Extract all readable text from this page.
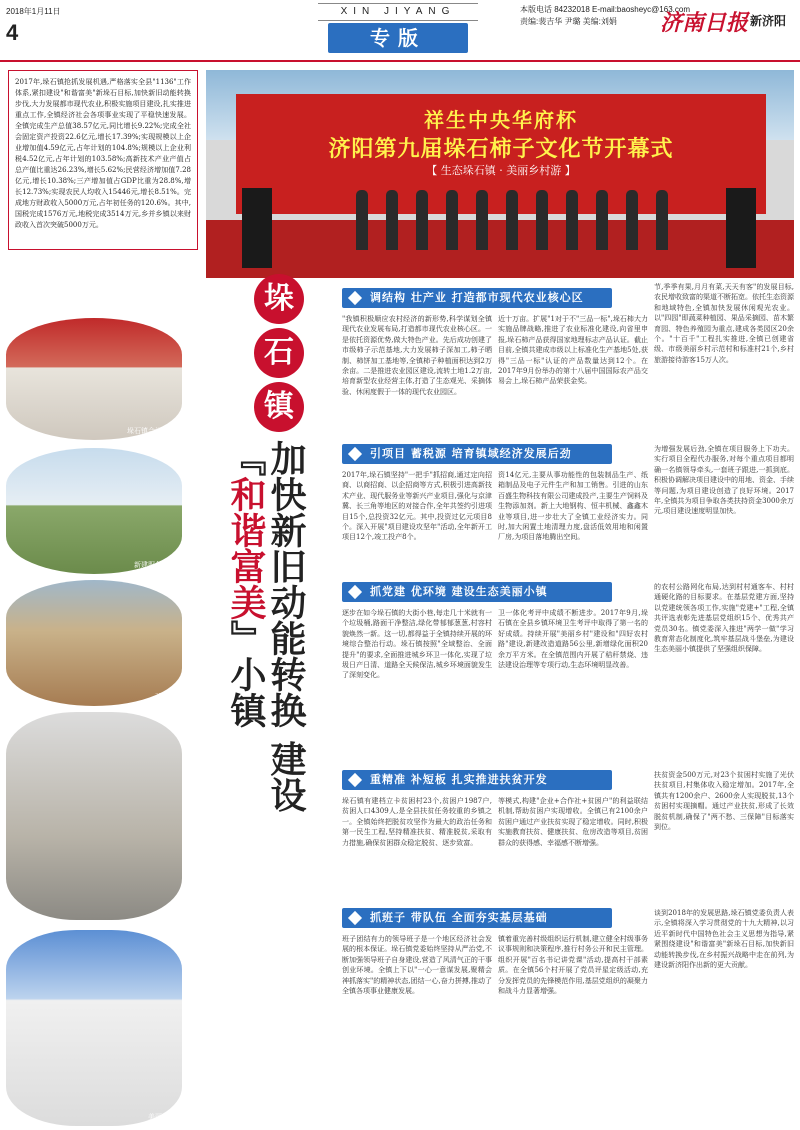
2018年1月11日
4
XIN JIYANG
专版
本版电话 84232018 E-mail:baosheyc@163.com
责编:裴吉华 尹璐 美编:刘娟	济南日报 新济阳

2017年,垛石镇抢抓发展机遇,严格落实全县"1136"工作体系,紧扣建设"和谐富美"新垛石目标,加快新旧动能转换步伐,大力发展都市现代农业,积极实施项目建设,扎实推进重点工作,全镇经济社会各项事业实现了平稳快速发展。全镇完成生产总值38.57亿元,同比增长9.22%;完成全社会固定资产投资22.6亿元,增长17.39%;实现规模以上企业增加值4.59亿元,占年计划的104.8%;规模以上企业利税4.52亿元,占年计划的103.58%;高新技术产业产值占总产值比重达26.23%,增长5.62%;民营经济增加值7.28亿元,增长10.38%;三产增加值占GDP比重为28.8%,增长12.73%;实现农民人均收入15446元,增长8.51%。完成地方财政收入5000万元,占年初任务的120.6%。其中,国税完成1576万元,地税完成3514万元,乡并乡镇以来财政收入首次突破5000万元。

祥生中央华府杯
济阳第九届垛石柿子文化节开幕式
【 生态垛石镇 · 美丽乡村游 】
垛石镇会议现场
新建服务中心
改造前
美丽乡村
垛
石
镇
加快新旧动能转换 建设『和谐富美』小镇
调结构 壮产业 打造都市现代农业核心区
"我镇积极顺应农村经济的新形势,科学谋划全镇现代农业发展布局,打造都市现代农业核心区。一是依托资源优势,做大特色产业。先后成功创建了市级柿子示范基地,大力发展柿子深加工,柿子晒制、柿饼加工基地等,全镇柿子种植面积达到2万余亩。二是推进农业园区建设,流转土地1.2万亩,培育新型农业经营主体,打造了生态观光、采摘体验、休闲度假于一体的现代农业园区。
近十万亩。扩展"1对于不"三品一标",垛石柿大力实施品牌战略,推进了农业标准化建设,向省里申报,垛石柿产品获得国家地理标志产品认证。截止目前,全镇共建成市级以上标准化生产基地5处,获得"三品一标"认证的产品数量达到12个。在2017年9月份举办的第十八届中国国际农产品交易会上,垛石柿产品荣获金奖。
节,季季有果,月月有菜,天天有客"的发展目标,农民增收致富的渠道不断拓宽。依托生态资源和地域特色,全镇加快发展休闲观光农业。以"四园"即蔬菜种植园、果品采摘园、苗木繁育园、特色养殖园为重点,建成各类园区20余个。"十百千"工程扎实推进,全镇已创建省级、市级美丽乡村示范村和标准村21个,乡村旅游接待游客15万人次。
引项目 蓄税源 培育镇域经济发展后劲
2017年,垛石镇坚持"一把手"抓招商,通过定向招商、以商招商、以企招商等方式,积极引进高新技术产业、现代服务业等新兴产业项目,强化与京津冀、长三角等地区的对接合作,全年共签约引进项目15个,总投资32亿元。其中,投资过亿元项目8个。深入开展"项目建设攻坚年"活动,全年新开工项目12个,竣工投产8个。
资14亿元,主要从事功能性的包装制品生产、纸箱制品及电子元件生产和加工销售。引进的山东百盛生物科技有限公司建成投产,主要生产饲料及生物添加剂。新上大地钢构、恒丰机械、鑫鑫木业等项目,进一步壮大了全镇工业经济实力。同时,加大闲置土地清理力度,盘活低效用地和闲置厂房,为项目落地腾出空间。
为增强发展后劲,全镇在项目服务上下功夫。实行项目全程代办服务,对每个重点项目都明确一名镇领导牵头,一套班子跟进,一抓到底。积极协调解决项目建设中的用地、资金、手续等问题,为项目建设创造了良好环境。2017年,全镇共为项目争取各类扶持资金3000余万元,项目建设速度明显加快。
抓党建 优环境 建设生态美丽小镇
逐步在如今垛石镇的大街小巷,每走几十米就有一个垃圾桶,路面干净整洁,绿化带郁郁葱葱,村容村貌焕然一新。这一切,都得益于全镇持续开展的环境综合整治行动。垛石镇按照"全域整治、全面提升"的要求,全面推进城乡环卫一体化,实现了垃圾日产日清、道路全天候保洁,城乡环境面貌发生了深刻变化。
卫一体化考评中成绩不断进步。2017年9月,垛石镇在全县乡镇环境卫生考评中取得了第一名的好成绩。持续开展"美丽乡村"建设和"四好农村路"建设,新建改造道路56公里,新增绿化面积20余万平方米。在全镇范围内开展了秸秆禁烧、违法建设治理等专项行动,生态环境明显改善。
的农村公路网化布局,达到村村通客车、村村通硬化路的目标要求。在基层党建方面,坚持以党建统领各项工作,实施"党建+"工程,全镇共评选表彰先进基层党组织15个、优秀共产党员30名。镇党委深入推进"两学一做"学习教育常态化制度化,筑牢基层战斗堡垒,为建设生态美丽小镇提供了坚强组织保障。
重精准 补短板 扎实推进扶贫开发
垛石镇有建档立卡贫困村23个,贫困户1987户,贫困人口4309人,是全县扶贫任务较重的乡镇之一。全镇始终把脱贫攻坚作为最大的政治任务和第一民生工程,坚持精准扶贫、精准脱贫,采取有力措施,确保贫困群众稳定脱贫、逐步致富。
等模式,构建"企业+合作社+贫困户"的利益联结机制,帮助贫困户实现增收。全镇已有2100余户贫困户通过产业扶贫实现了稳定增收。同时,积极实施教育扶贫、健康扶贫、危房改造等项目,贫困群众的获得感、幸福感不断增强。
扶贫资金500万元,对23个贫困村实施了光伏扶贫项目,村集体收入稳定增加。2017年,全镇共有1200余户、2600余人实现脱贫,13个贫困村实现摘帽。通过产业扶贫,形成了长效脱贫机制,确保了"两不愁、三保障"目标落实到位。
抓班子 带队伍 全面夯实基层基础
班子团结有力的领导班子是一个地区经济社会发展的根本保证。垛石镇党委始终坚持从严治党,不断加强领导班子自身建设,营造了风清气正的干事创业环境。全镇上下以"一心一意谋发展,聚精会神抓落实"的精神状态,团结一心,奋力拼搏,推动了全镇各项事业健康发展。
镇着重完善村级组织运行机制,建立健全村级事务议事规则和决策程序,推行村务公开和民主管理。组织开展"百名书记讲党课"活动,提高村干部素质。在全镇56个村开展了党员评星定级活动,充分发挥党员的先锋模范作用,基层党组织的凝聚力和战斗力显著增强。
谈到2018年的发展思路,垛石镇党委负责人表示,全镇将深入学习贯彻党的十九大精神,以习近平新时代中国特色社会主义思想为指导,紧紧围绕建设"和谐富美"新垛石目标,加快新旧动能转换步伐,在乡村振兴战略中走在前列,为建设新济阳作出新的更大贡献。
